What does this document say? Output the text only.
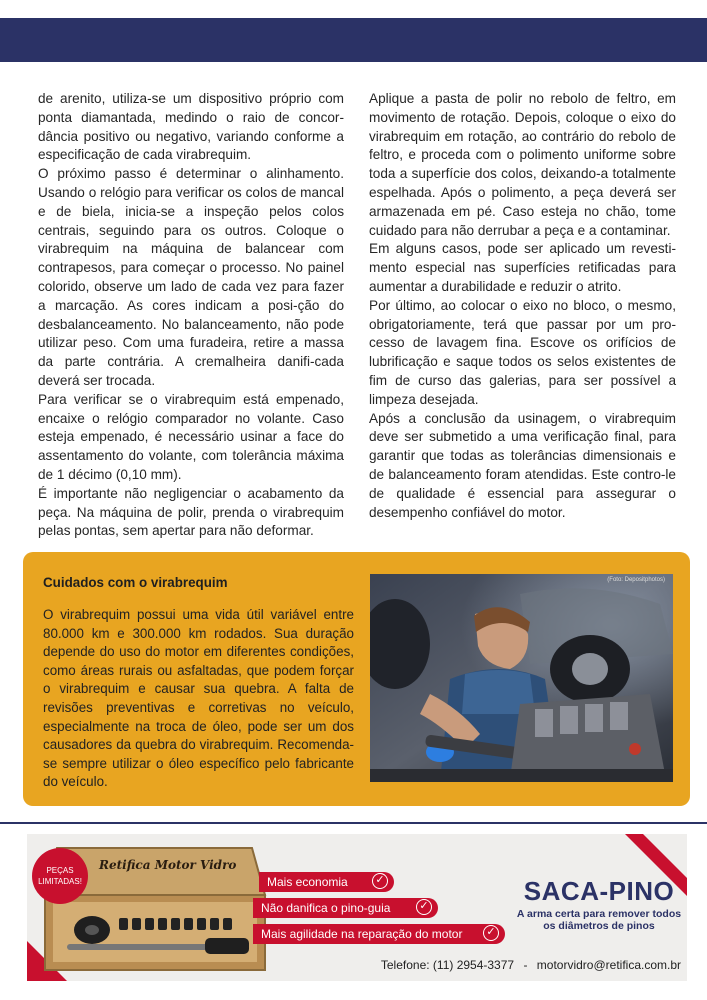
de arenito, utiliza-se um dispositivo próprio com ponta diamantada, medindo o raio de concor-dância positivo ou negativo, variando conforme a especificação de cada virabrequim.

O próximo passo é determinar o alinhamento. Usando o relógio para verificar os colos de mancal e de biela, inicia-se a inspeção pelos colos centrais, seguindo para os outros. Coloque o virabrequim na máquina de balancear com contrapesos, para começar o processo. No painel colorido, observe um lado de cada vez para fazer a marcação. As cores indicam a posi-ção do desbalanceamento. No balanceamento, não pode utilizar peso. Com uma furadeira, retire a massa da parte contrária. A cremalheira danifi-cada deverá ser trocada.

Para verificar se o virabrequim está empenado, encaixe o relógio comparador no volante. Caso esteja empenado, é necessário usinar a face do assentamento do volante, com tolerância máxima de 1 décimo (0,10 mm).

É importante não negligenciar o acabamento da peça. Na máquina de polir, prenda o virabrequim pelas pontas, sem apertar para não deformar.

Aplique a pasta de polir no rebolo de feltro, em movimento de rotação. Depois, coloque o eixo do virabrequim em rotação, ao contrário do rebolo de feltro, e proceda com o polimento uniforme sobre toda a superfície dos colos, deixando-a totalmente espelhada. Após o polimento, a peça deverá ser armazenada em pé. Caso esteja no chão, tome cuidado para não derrubar a peça e a contaminar.

Em alguns casos, pode ser aplicado um revesti-mento especial nas superfícies retificadas para aumentar a durabilidade e reduzir o atrito.

Por último, ao colocar o eixo no bloco, o mesmo, obrigatoriamente, terá que passar por um pro-cesso de lavagem fina. Escove os orifícios de lubrificação e saque todos os selos existentes de fim de curso das galerias, para ser possível a limpeza desejada.

Após a conclusão da usinagem, o virabrequim deve ser submetido a uma verificação final, para garantir que todas as tolerâncias dimensionais e de balanceamento foram atendidas. Este contro-le de qualidade é essencial para assegurar o desempenho confiável do motor.

Cuidados com o virabrequim

O virabrequim possui uma vida útil variável entre 80.000 km e 300.000 km rodados. Sua duração depende do uso do motor em diferentes condições, como áreas rurais ou asfaltadas, que podem forçar o virabrequim e causar sua quebra. A falta de revisões preventivas e corretivas no veículo, especialmente na troca de óleo, pode ser um dos causadores da quebra do virabrequim. Recomenda-se sempre utilizar o óleo específico pelo fabricante do veículo.

(Foto: Depositphotos)
Retifica Motor Vidro
PEÇAS LIMITADAS!	Mais economia	✓
Não danifica o pino-guia	✓
Mais agilidade na reparação do motor	✓
SACA-PINO
A arma certa para remover todos os diâmetros de pinos
Telefone: (11) 2954-3377 - motorvidro@retifica.com.br
